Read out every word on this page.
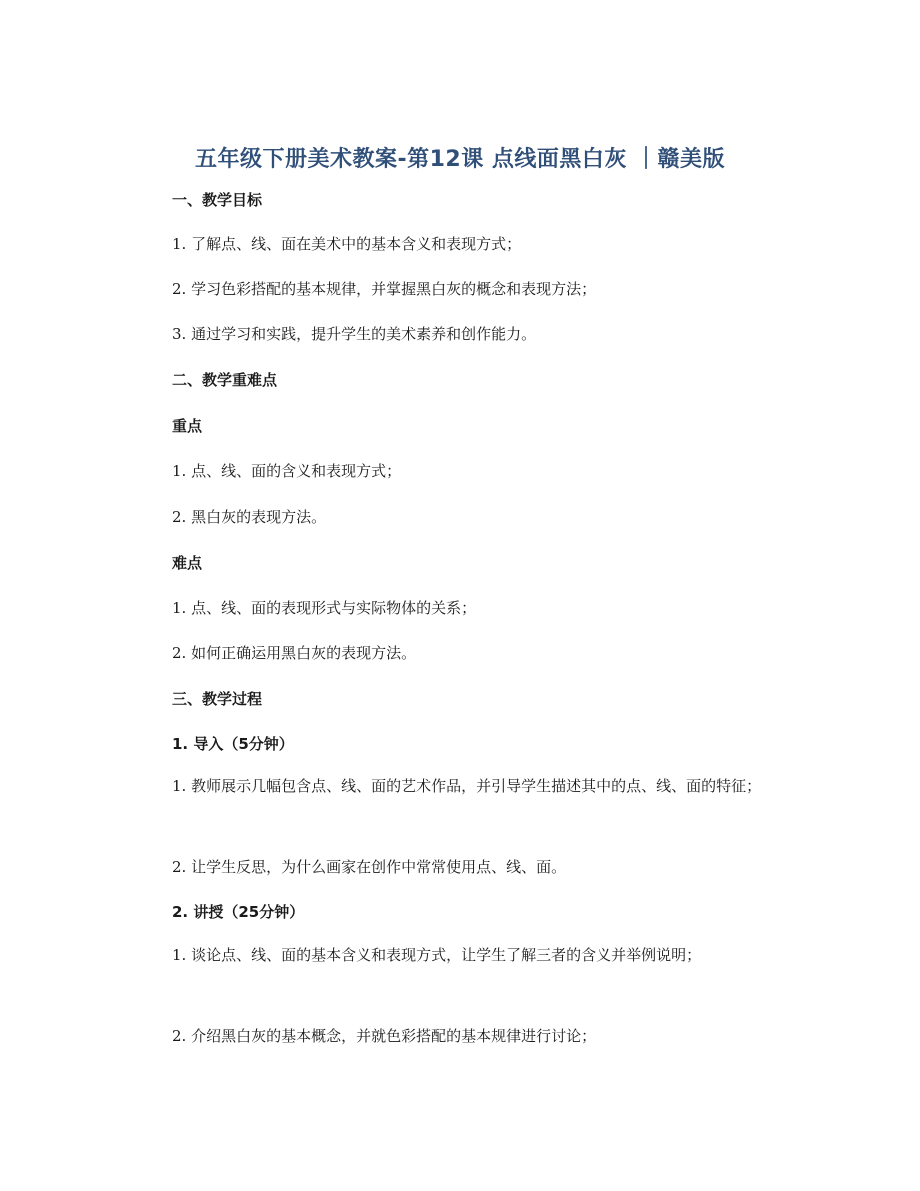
五年级下册美术教案-第12课 点线面黑白灰 ｜赣美版
一、教学目标
1. 了解点、线、面在美术中的基本含义和表现方式；
2. 学习色彩搭配的基本规律，并掌握黑白灰的概念和表现方法；
3. 通过学习和实践，提升学生的美术素养和创作能力。
二、教学重难点
重点
1. 点、线、面的含义和表现方式；
2. 黑白灰的表现方法。
难点
1. 点、线、面的表现形式与实际物体的关系；
2. 如何正确运用黑白灰的表现方法。
三、教学过程
1. 导入（5分钟）
1. 教师展示几幅包含点、线、面的艺术作品，并引导学生描述其中的点、线、面的特征；
2. 让学生反思，为什么画家在创作中常常使用点、线、面。
2. 讲授（25分钟）
1. 谈论点、线、面的基本含义和表现方式，让学生了解三者的含义并举例说明；
2. 介绍黑白灰的基本概念，并就色彩搭配的基本规律进行讨论；
